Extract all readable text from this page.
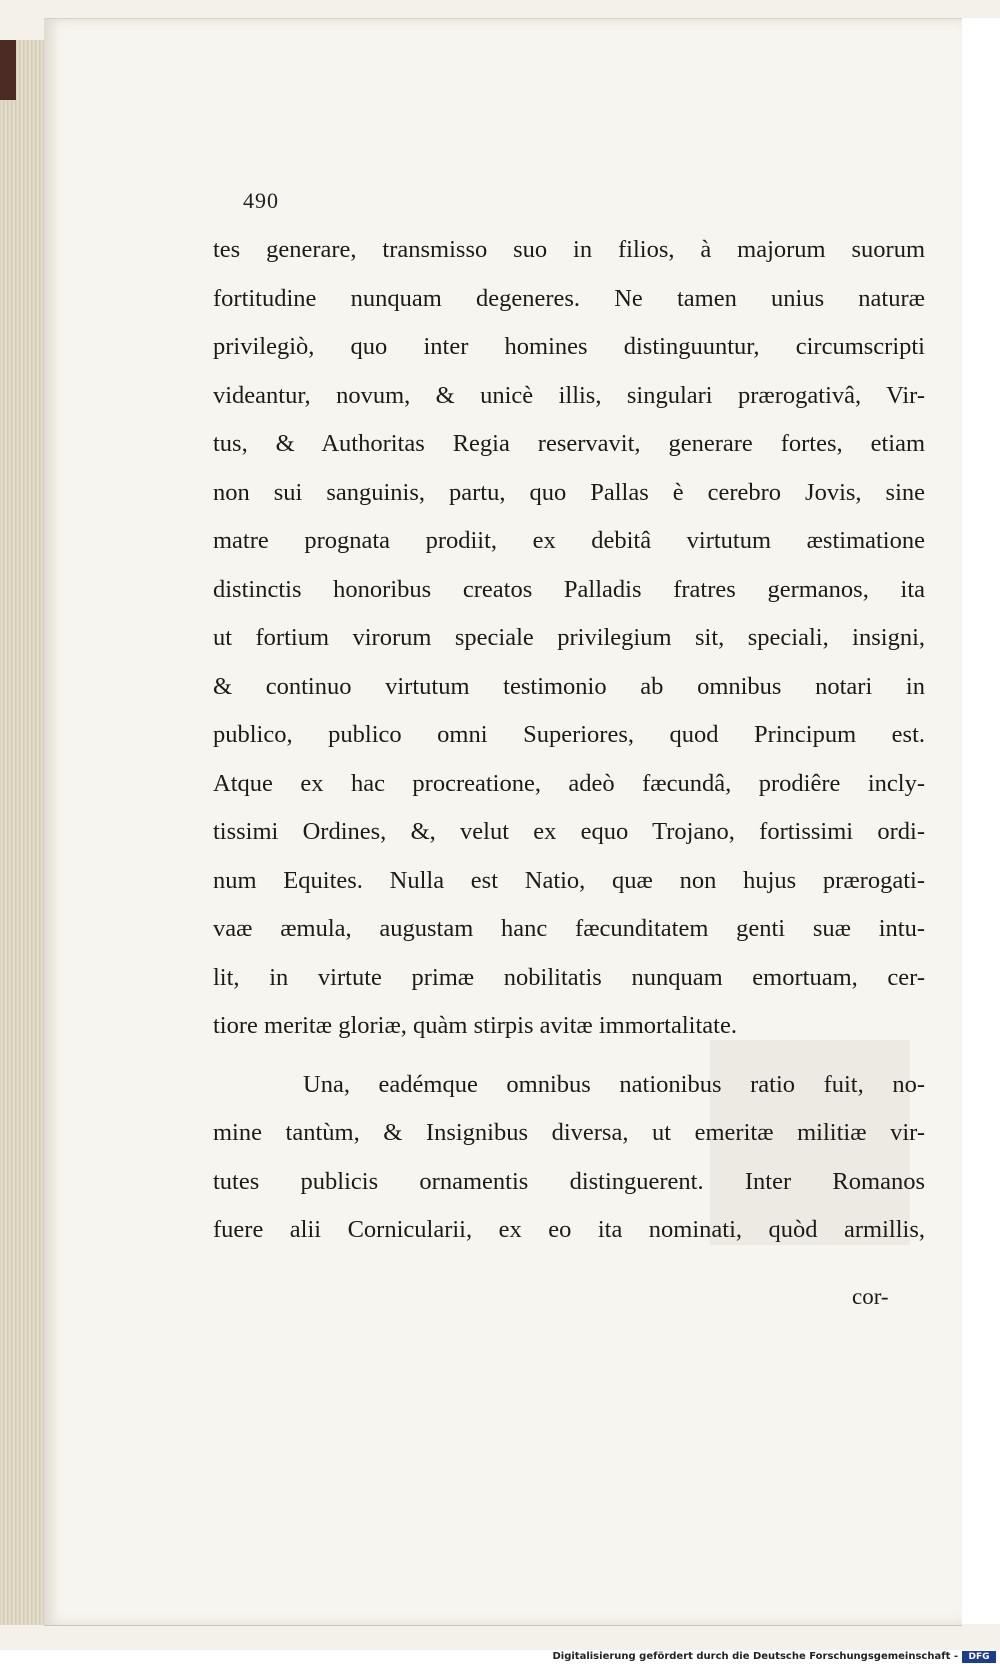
490
tes generare, transmisso suo in filios, à majorum suorum
fortitudine nunquam degeneres. Ne tamen unius naturæ
privilegiò, quo inter homines distinguuntur, circumscripti
videantur, novum, & unicè illis, singulari prærogativâ, Vir-
tus, & Authoritas Regia reservavit, generare fortes, etiam
non sui sanguinis, partu, quo Pallas è cerebro Jovis, sine
matre prognata prodiit, ex debitâ virtutum æstimatione
distinctis honoribus creatos Palladis fratres germanos, ita
ut fortium virorum speciale privilegium sit, speciali, insigni,
& continuo virtutum testimonio ab omnibus notari in
publico, publico omni Superiores, quod Principum est.
Atque ex hac procreatione, adeò fæcundâ, prodiêre incly-
tissimi Ordines, &, velut ex equo Trojano, fortissimi ordi-
num Equites. Nulla est Natio, quæ non hujus prærogati-
vaæ æmula, augustam hanc fæcunditatem genti suæ intu-
lit, in virtute primæ nobilitatis nunquam emortuam, cer-
tiore meritæ gloriæ, quàm stirpis avitæ immortalitate.
Una, eadémque omnibus nationibus ratio fuit, no-
mine tantùm, & Insignibus diversa, ut emeritæ militiæ vir-
tutes publicis ornamentis distinguerent. Inter Romanos
fuere alii Cornicularii, ex eo ita nominati, quòd armillis,
cor-
Digitalisierung gefördert durch die Deutsche Forschungsgemeinschaft -	DFG
